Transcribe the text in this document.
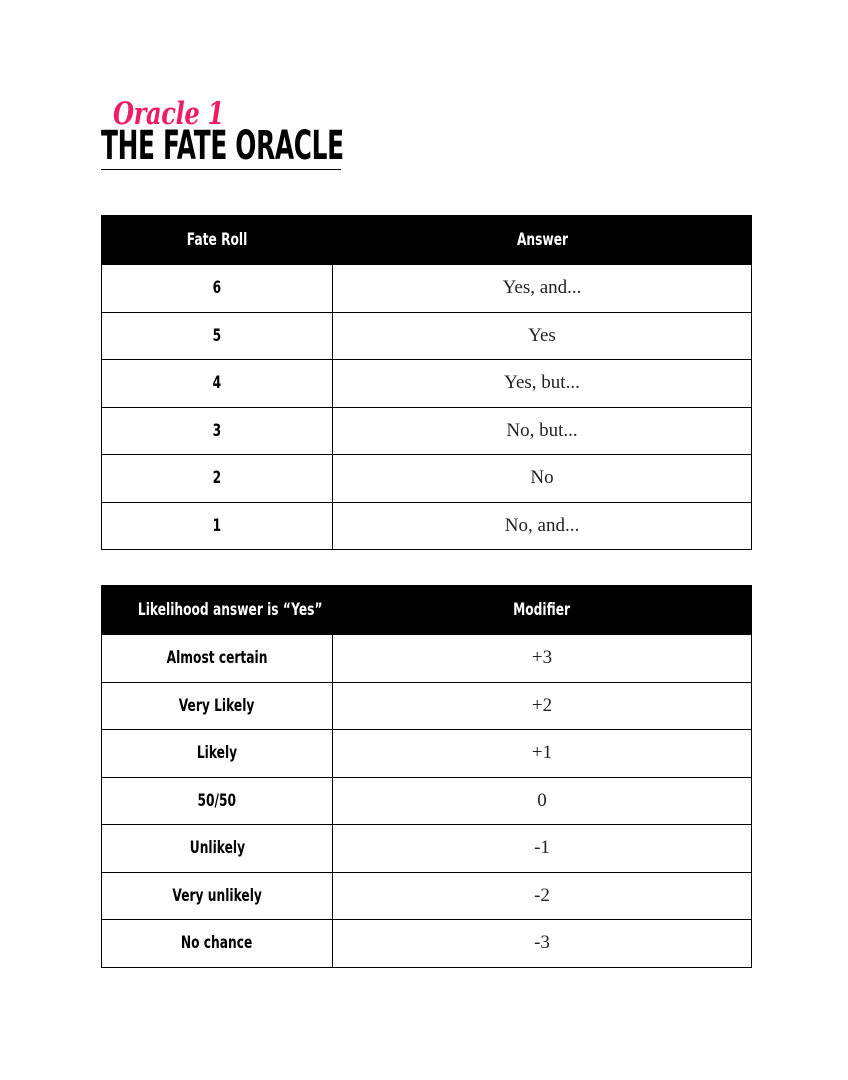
Oracle 1
THE FATE ORACLE
Fate Roll	Answer
6	Yes, and...
5	Yes
4	Yes, but...
3	No, but...
2	No
1	No, and...
Likelihood answer is “Yes”	Modifier
Almost certain	+3
Very Likely	+2
Likely	+1
50/50	0
Unlikely	-1
Very unlikely	-2
No chance	-3
